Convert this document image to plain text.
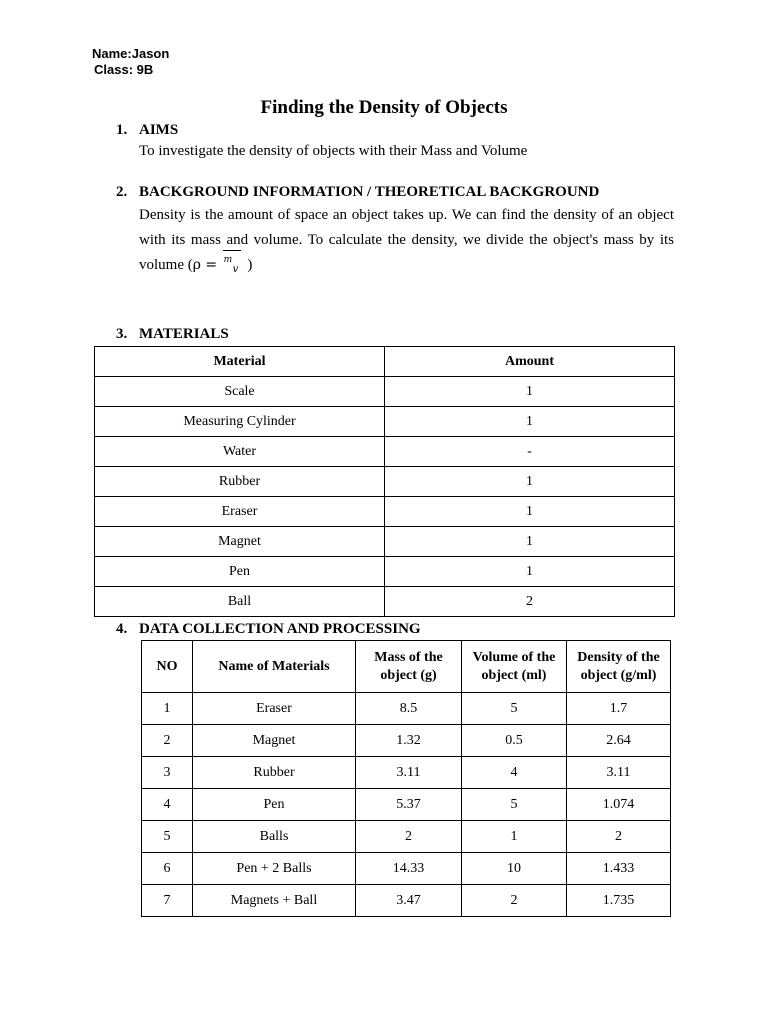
Name:Jason
Class: 9B
Finding the Density of Objects
1. AIMS
To investigate the density of objects with their Mass and Volume
2. BACKGROUND INFORMATION / THEORETICAL BACKGROUND
Density is the amount of space an object takes up. We can find the density of an object with its mass and volume. To calculate the density, we divide the object's mass by its volume (ρ = m
v )
3. MATERIALS
Material	Amount
Scale	1
Measuring Cylinder	1
Water	-
Rubber	1
Eraser	1
Magnet	1
Pen	1
Ball	2
4. DATA COLLECTION AND PROCESSING
NO	Name of Materials	Mass of the object (g)	Volume of the object (ml)	Density of the object (g/ml)
1	Eraser	8.5	5	1.7
2	Magnet	1.32	0.5	2.64
3	Rubber	3.11	4	3.11
4	Pen	5.37	5	1.074
5	Balls	2	1	2
6	Pen + 2 Balls	14.33	10	1.433
7	Magnets + Ball	3.47	2	1.735
